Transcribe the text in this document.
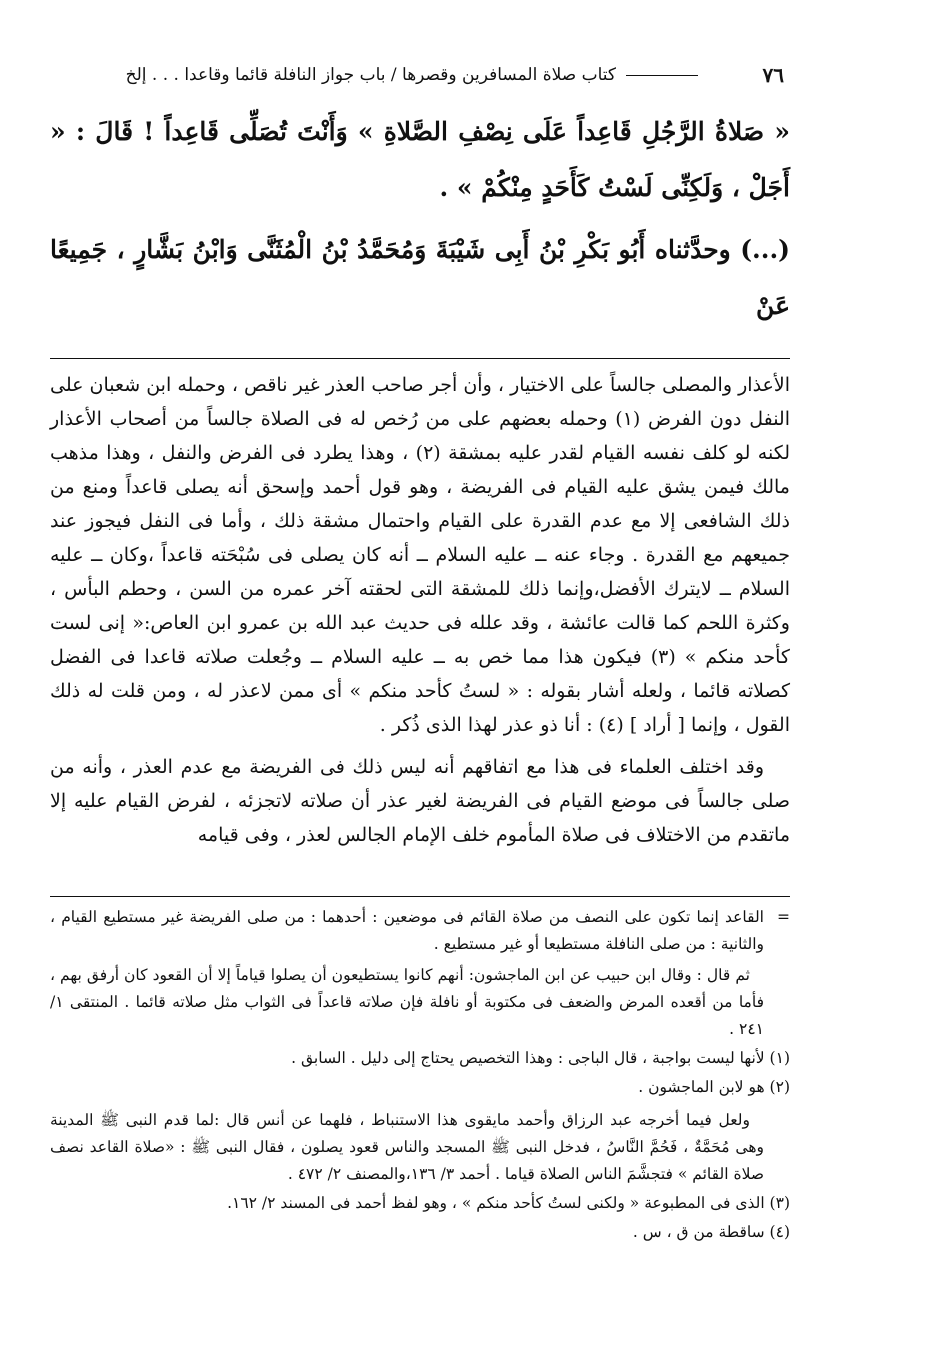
٧٦
كتاب صلاة المسافرين وقصرها / باب جواز النافلة قائما وقاعدا . . . إلخ

« صَلاةُ الرَّجُلِ قَاعِداً عَلَى نِصْفِ الصَّلاةِ » وَأَنْتَ تُصَلِّى قَاعِداً ! قَالَ : « أَجَلْ ، وَلَكِنِّى لَسْتُ كَأَحَدٍ مِنْكُمْ » .

(...) وحدَّثناه أَبُو بَكْرِ بْنُ أَبِى شَيْبَةَ وَمُحَمَّدُ بْنُ الْمُثَنَّى وَابْنُ بَشَّارٍ ، جَمِيعًا عَنْ

الأعذار والمصلى جالساً على الاختيار ، وأن أجر صاحب العذر غير ناقص ، وحمله ابن شعبان على النفل دون الفرض (١) وحمله بعضهم على من رُخص له فى الصلاة جالساً من أصحاب الأعذار لكنه لو كلف نفسه القيام لقدر عليه بمشقة (٢) ، وهذا يطرد فى الفرض والنفل ، وهذا مذهب مالك فيمن يشق عليه القيام فى الفريضة ، وهو قول أحمد وإسحق أنه يصلى قاعداً ومنع من ذلك الشافعى إلا مع عدم القدرة على القيام واحتمال مشقة ذلك ، وأما فى النفل فيجوز عند جميعهم مع القدرة . وجاء عنه ــ عليه السلام ــ أنه كان يصلى فى سُبْحَته قاعداً ،وكان ــ عليه السلام ــ لايترك الأفضل،وإنما ذلك للمشقة التى لحقته آخر عمره من السن ، وحطم البأس ، وكثرة اللحم كما قالت عائشة ، وقد علله فى حديث عبد الله بن عمرو ابن العاص:« إنى لست كأحد منكم » (٣) فيكون هذا مما خص به ــ عليه السلام ــ وجُعلت صلاته قاعدا فى الفضل كصلاته قائما ، ولعله أشار بقوله : « لستُ كأحد منكم » أى ممن لاعذر له ، ومن قلت له ذلك القول ، وإنما [ أراد ] (٤) : أنا ذو عذر لهذا الذى ذُكر .

وقد اختلف العلماء فى هذا مع اتفاقهم أنه ليس ذلك فى الفريضة مع عدم العذر ، وأنه من صلى جالساً فى موضع القيام فى الفريضة لغير عذر أن صلاته لاتجزئه ، لفرض القيام عليه إلا ماتقدم من الاختلاف فى صلاة المأموم خلف الإمام الجالس لعذر ، وفى قيامه

=القاعد إنما تكون على النصف من صلاة القائم فى موضعين : أحدهما : من صلى الفريضة غير مستطيع القيام ، والثانية : من صلى النافلة مستطيعا أو غير مستطيع .

ثم قال : وقال ابن حبيب عن ابن الماجشون: أنهم كانوا يستطيعون أن يصلوا قياماً إلا أن القعود كان أرفق بهم ، فأما من أقعده المرض والضعف فى مكتوبة أو نافلة فإن صلاته قاعداً فى الثواب مثل صلاته قائما . المنتقى ١/ ٢٤١ .

(١) لأنها ليست بواجبة ، قال الباجى : وهذا التخصيص يحتاج إلى دليل . السابق .

(٢) هو لابن الماجشون .

ولعل فيما أخرجه عبد الرزاق وأحمد مايقوى هذا الاستنباط ، فلهما عن أنس قال :لما قدم النبى ﷺ المدينة وهى مُحَمَّةٌ ، فَحُمَّ النَّاسُ ، فدخل النبى ﷺ المسجد والناس قعود يصلون ، فقال النبى ﷺ : «صلاة القاعد نصف صلاة القائم » فتجشَّمَ الناس الصلاة قياما . أحمد ٣/ ١٣٦،والمصنف ٢/ ٤٧٢ .

(٣) الذى فى المطبوعة « ولكنى لستُ كأحد منكم » ، وهو لفظ أحمد فى المسند ٢/ ١٦٢.

(٤) ساقطة من ق ، س .
